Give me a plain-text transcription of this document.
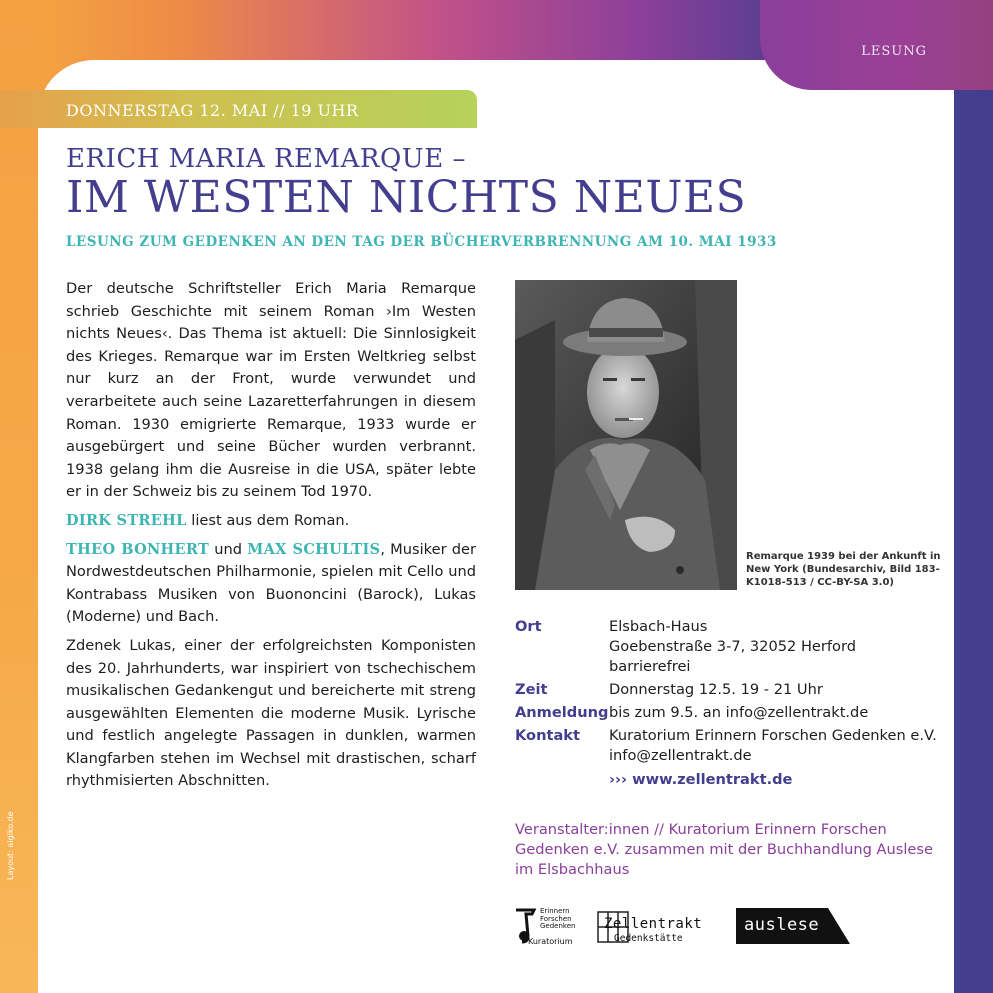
LESUNG
DONNERSTAG 12. MAI // 19 UHR
ERICH MARIA REMARQUE –
IM WESTEN NICHTS NEUES
LESUNG ZUM GEDENKEN AN DEN TAG DER BÜCHERVERBRENNUNG AM 10. MAI 1933

Der deutsche Schriftsteller Erich Maria Remarque schrieb Geschichte mit seinem Roman ›Im Westen nichts Neues‹. Das Thema ist aktuell: Die Sinnlosigkeit des Krieges. Remarque war im Ersten Weltkrieg selbst nur kurz an der Front, wurde verwundet und verarbeitete auch seine Lazaretterfahrungen in diesem Roman. 1930 emigrierte Remarque, 1933 wurde er ausgebürgert und seine Bücher wurden verbrannt. 1938 gelang ihm die Ausreise in die USA, später lebte er in der Schweiz bis zu seinem Tod 1970.

DIRK STREHL liest aus dem Roman.

THEO BONHERT und MAX SCHULTIS, Musiker der Nordwestdeutschen Philharmonie, spielen mit Cello und Kontrabass Musiken von Buononcini (Barock), Lukas (Moderne) und Bach.

Zdenek Lukas, einer der erfolgreichsten Komponisten des 20. Jahrhunderts, war inspiriert von tschechischem musikalischen Gedankengut und bereicherte mit streng ausgewählten Elementen die moderne Musik. Lyrische und festlich angelegte Passagen in dunklen, warmen Klangfarben stehen im Wechsel mit drastischen, scharf rhythmisierten Abschnitten.

Remarque 1939 bei der Ankunft in New York (Bundesarchiv, Bild 183-K1018-513 / CC-BY-SA 3.0)
Ort	Elsbach-Haus
Goebenstraße 3-7, 32052 Herford
barrierefrei
Zeit	Donnerstag 12.5. 19 - 21 Uhr
Anmeldung bis zum 9.5. an info@zellentrakt.de
Kontakt	Kuratorium Erinnern Forschen Gedenken e.V.
info@zellentrakt.de
››› www.zellentrakt.de
Veranstalter:innen // Kuratorium Erinnern Forschen Gedenken e.V. zusammen mit der Buchhandlung Auslese im Elsbachhaus
Erinnern
Forschen
Gedenken
Kuratorium
Zellentrakt
Gedenkstätte
auslese
Layout: aigiko.de
